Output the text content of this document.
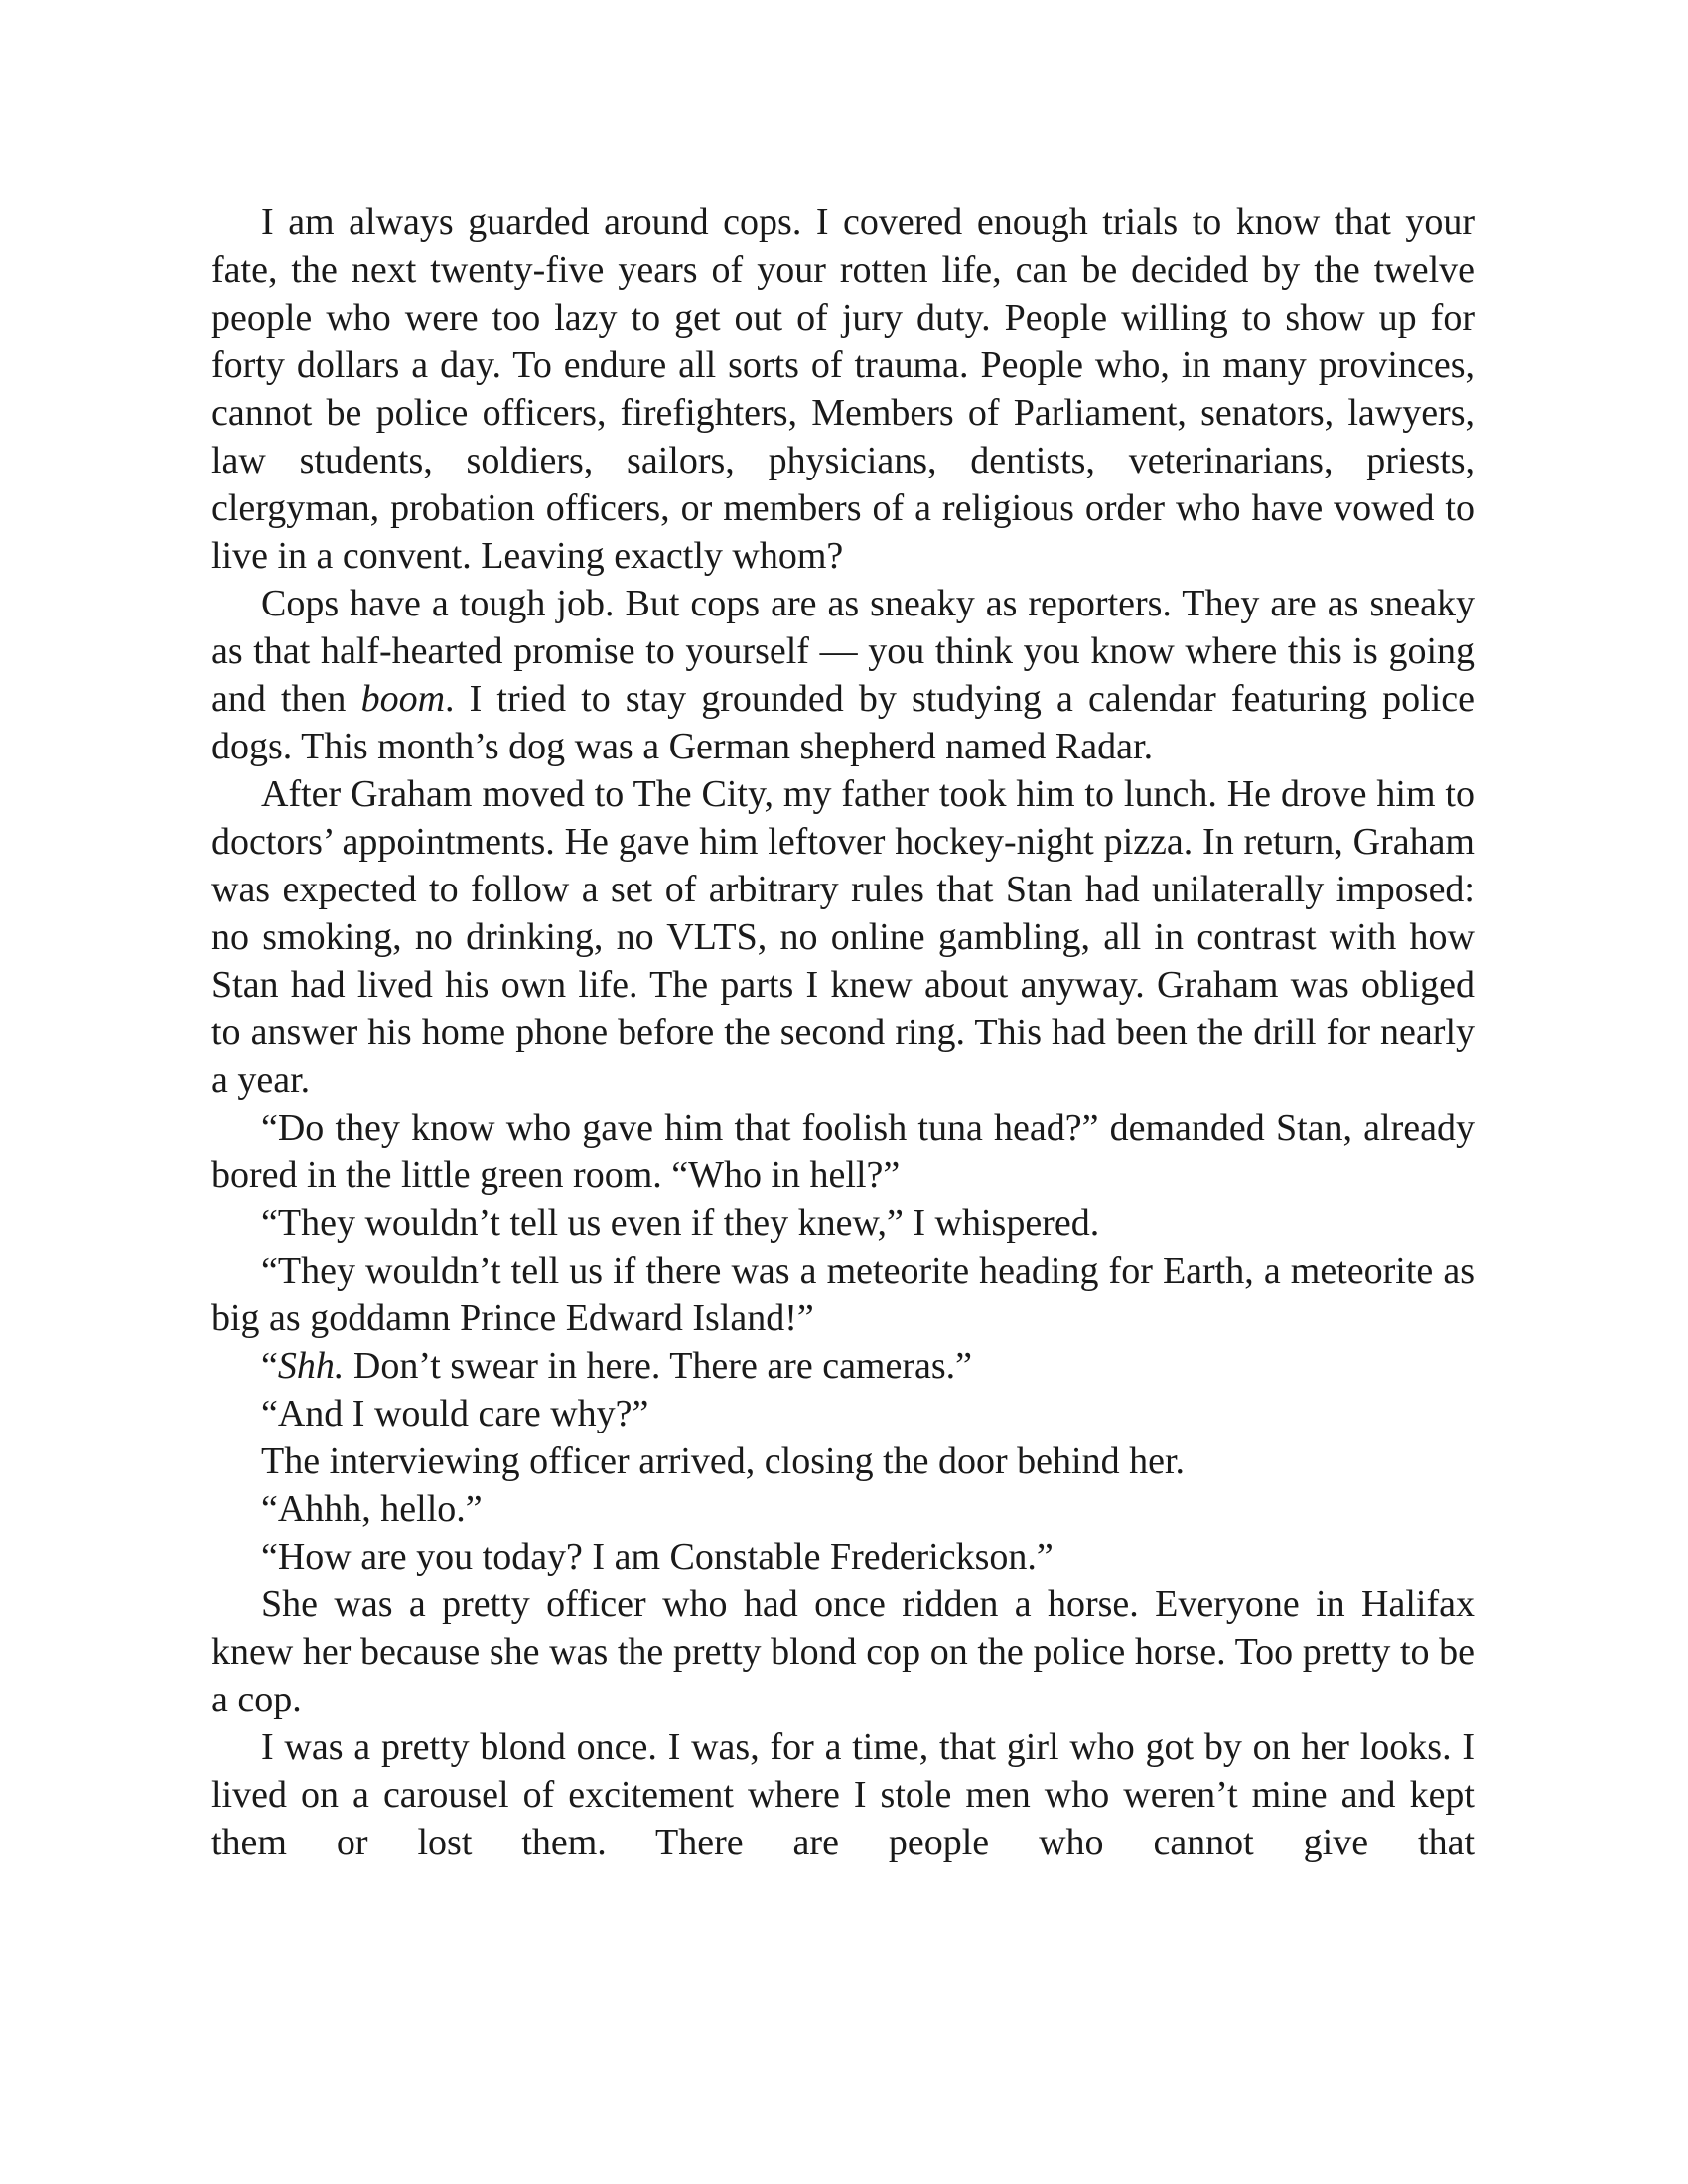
I am always guarded around cops. I covered enough trials to know that your fate, the next twenty-five years of your rotten life, can be decided by the twelve people who were too lazy to get out of jury duty. People willing to show up for forty dollars a day. To endure all sorts of trauma. People who, in many provinces, cannot be police officers, firefighters, Members of Parliament, senators, lawyers, law students, soldiers, sailors, physicians, dentists, veterinarians, priests, clergyman, probation officers, or members of a religious order who have vowed to live in a convent. Leaving exactly whom?

Cops have a tough job. But cops are as sneaky as reporters. They are as sneaky as that half-hearted promise to yourself — you think you know where this is going and then boom. I tried to stay grounded by studying a calendar featuring police dogs. This month’s dog was a German shepherd named Radar.

After Graham moved to The City, my father took him to lunch. He drove him to doctors’ appointments. He gave him leftover hockey-night pizza. In return, Graham was expected to follow a set of arbitrary rules that Stan had unilaterally imposed: no smoking, no drinking, no VLTS, no online gambling, all in contrast with how Stan had lived his own life. The parts I knew about anyway. Graham was obliged to answer his home phone before the second ring. This had been the drill for nearly a year.

“Do they know who gave him that foolish tuna head?” demanded Stan, already bored in the little green room. “Who in hell?”

“They wouldn’t tell us even if they knew,” I whispered.

“They wouldn’t tell us if there was a meteorite heading for Earth, a meteorite as big as goddamn Prince Edward Island!”

“Shh. Don’t swear in here. There are cameras.”

“And I would care why?”

The interviewing officer arrived, closing the door behind her.

“Ahhh, hello.”

“How are you today? I am Constable Frederickson.”

She was a pretty officer who had once ridden a horse. Everyone in Halifax knew her because she was the pretty blond cop on the police horse. Too pretty to be a cop.

I was a pretty blond once. I was, for a time, that girl who got by on her looks. I lived on a carousel of excitement where I stole men who weren’t mine and kept them or lost them. There are people who cannot give that
